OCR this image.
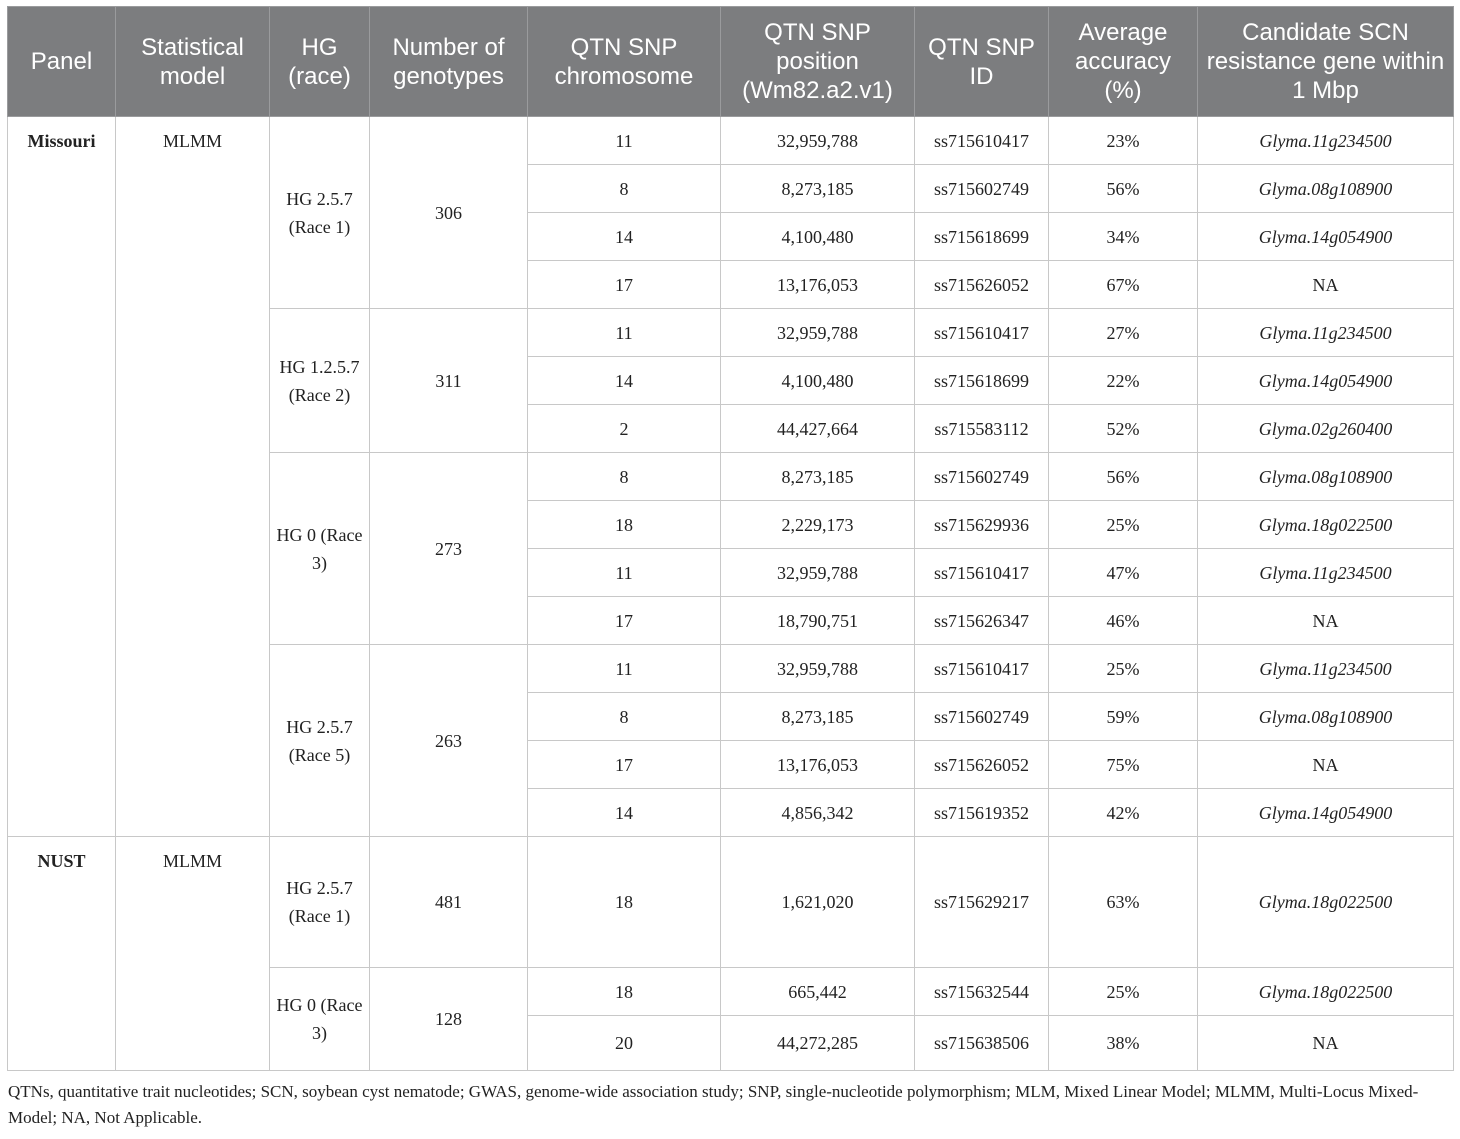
Panel	Statistical model	HG (race)	Number of genotypes	QTN SNP chromosome	QTN SNP position (Wm82.a2.v1)	QTN SNP ID	Average accuracy (%)	Candidate SCN resistance gene within 1 Mbp
Missouri	MLMM	HG 2.5.7 (Race 1)	306	11	32,959,788	ss715610417	23%	Glyma.11g234500
				8	8,273,185	ss715602749	56%	Glyma.08g108900
				14	4,100,480	ss715618699	34%	Glyma.14g054900
				17	13,176,053	ss715626052	67%	NA
		HG 1.2.5.7 (Race 2)	311	11	32,959,788	ss715610417	27%	Glyma.11g234500
				14	4,100,480	ss715618699	22%	Glyma.14g054900
				2	44,427,664	ss715583112	52%	Glyma.02g260400
		HG 0 (Race 3)	273	8	8,273,185	ss715602749	56%	Glyma.08g108900
				18	2,229,173	ss715629936	25%	Glyma.18g022500
				11	32,959,788	ss715610417	47%	Glyma.11g234500
				17	18,790,751	ss715626347	46%	NA
		HG 2.5.7 (Race 5)	263	11	32,959,788	ss715610417	25%	Glyma.11g234500
				8	8,273,185	ss715602749	59%	Glyma.08g108900
				17	13,176,053	ss715626052	75%	NA
				14	4,856,342	ss715619352	42%	Glyma.14g054900
NUST	MLMM	HG 2.5.7 (Race 1)	481	18	1,621,020	ss715629217	63%	Glyma.18g022500
		HG 0 (Race 3)	128	18	665,442	ss715632544	25%	Glyma.18g022500
				20	44,272,285	ss715638506	38%	NA
QTNs, quantitative trait nucleotides; SCN, soybean cyst nematode; GWAS, genome-wide association study; SNP, single-nucleotide polymorphism; MLM, Mixed Linear Model; MLMM, Multi-Locus Mixed-Model; NA, Not Applicable.
